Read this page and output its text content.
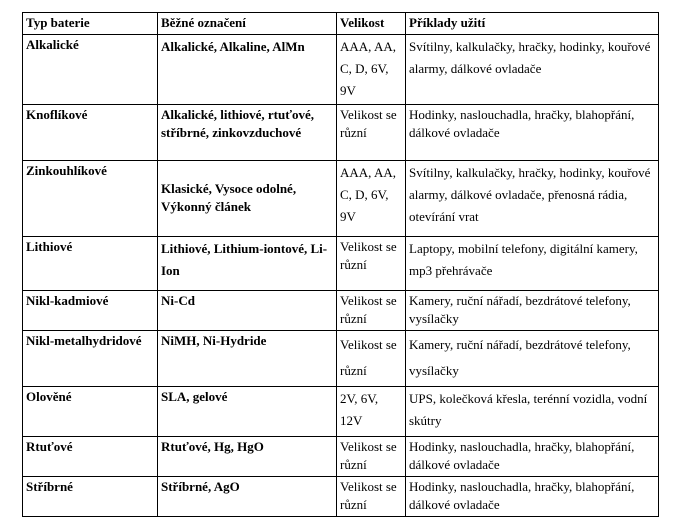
Typ baterie	Běžné označení	Velikost	Příklady užití
Alkalické	Alkalické, Alkaline, AlMn	AAA, AA, C, D, 6V, 9V	Svítilny, kalkulačky, hračky, hodinky, kouřové alarmy, dálkové ovladače
Knoflíkové	Alkalické, lithiové, rtuťové, stříbrné, zinkovzduchové	Velikost se různí	Hodinky, naslouchadla, hračky, blahopřání, dálkové ovladače
Zinkouhlíkové	Klasické, Vysoce odolné, Výkonný článek	AAA, AA, C, D, 6V, 9V	Svítilny, kalkulačky, hračky, hodinky, kouřové alarmy, dálkové ovladače, přenosná rádia, otevírání vrat
Lithiové	Lithiové, Lithium-iontové, Li-Ion	Velikost se různí	Laptopy, mobilní telefony, digitální kamery, mp3 přehrávače
Nikl-kadmiové	Ni-Cd	Velikost se různí	Kamery, ruční nářadí, bezdrátové telefony, vysílačky
Nikl-metalhydridové	NiMH, Ni-Hydride	Velikost se různí	Kamery, ruční nářadí, bezdrátové telefony, vysílačky
Olověné	SLA, gelové	2V, 6V, 12V	UPS, kolečková křesla, terénní vozidla, vodní skútry
Rtuťové	Rtuťové, Hg, HgO	Velikost se různí	Hodinky, naslouchadla, hračky, blahopřání, dálkové ovladače
Stříbrné	Stříbrné, AgO	Velikost se různí	Hodinky, naslouchadla, hračky, blahopřání, dálkové ovladače
